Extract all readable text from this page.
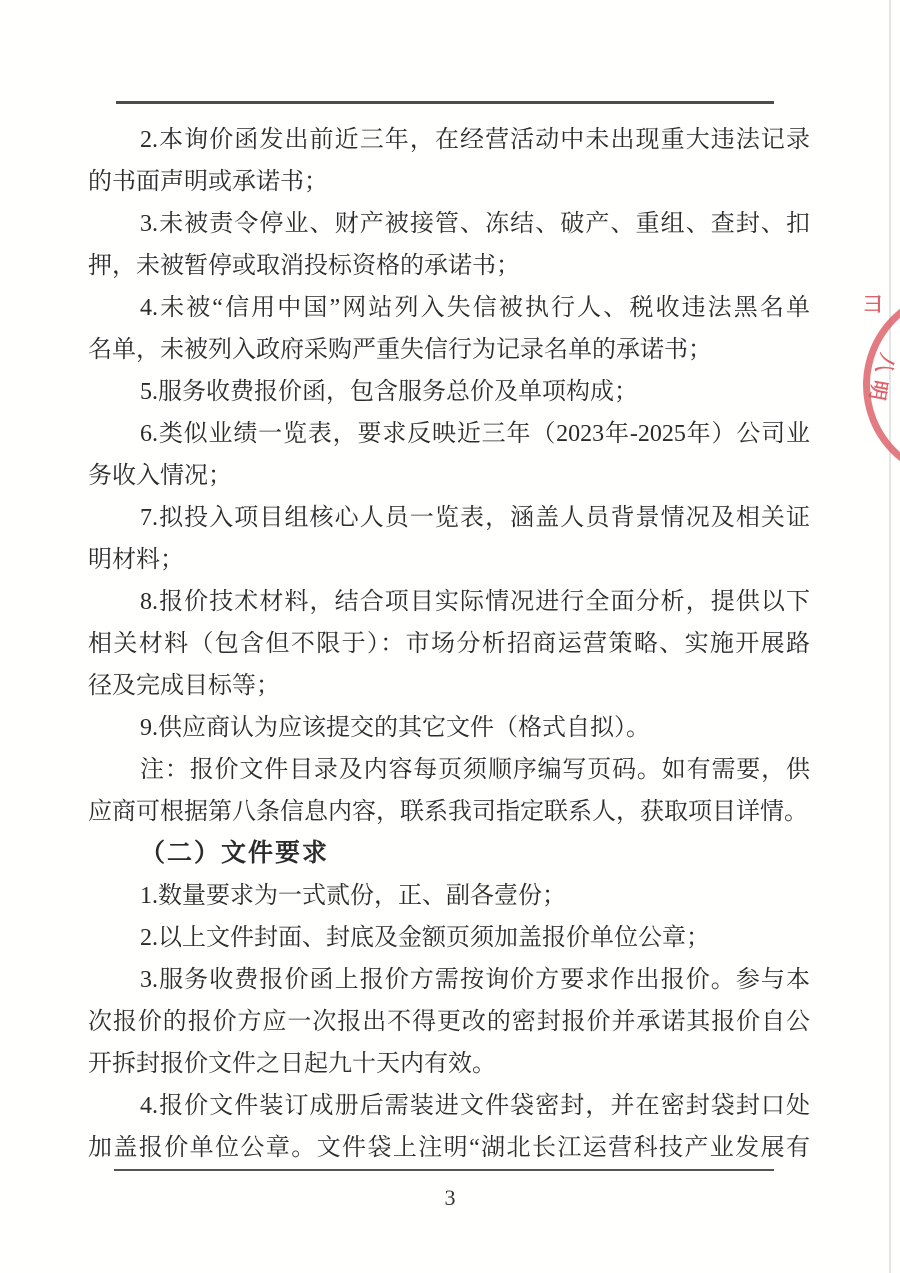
2.本询价函发出前近三年，在经营活动中未出现重大违法记录
的书面声明或承诺书；
3.未被责令停业、财产被接管、冻结、破产、重组、查封、扣
押，未被暂停或取消投标资格的承诺书；
4.未被“信用中国”网站列入失信被执行人、税收违法黑名单
名单，未被列入政府采购严重失信行为记录名单的承诺书；
5.服务收费报价函，包含服务总价及单项构成；
6.类似业绩一览表，要求反映近三年（2023年-2025年）公司业
务收入情况；
7.拟投入项目组核心人员一览表，涵盖人员背景情况及相关证
明材料；
8.报价技术材料，结合项目实际情况进行全面分析，提供以下
相关材料（包含但不限于）：市场分析招商运营策略、实施开展路
径及完成目标等；
9.供应商认为应该提交的其它文件（格式自拟）。
注：报价文件目录及内容每页须顺序编写页码。如有需要，供
应商可根据第八条信息内容，联系我司指定联系人，获取项目详情。
（二）文件要求
1.数量要求为一式贰份，正、副各壹份；
2.以上文件封面、封底及金额页须加盖报价单位公章；
3.服务收费报价函上报价方需按询价方要求作出报价。参与本
次报价的报价方应一次报出不得更改的密封报价并承诺其报价自公
开拆封报价文件之日起九十天内有效。
4.报价文件装订成册后需装进文件袋密封，并在密封袋封口处
加盖报价单位公章。文件袋上注明“湖北长江运营科技产业发展有
3
彐
八
明
